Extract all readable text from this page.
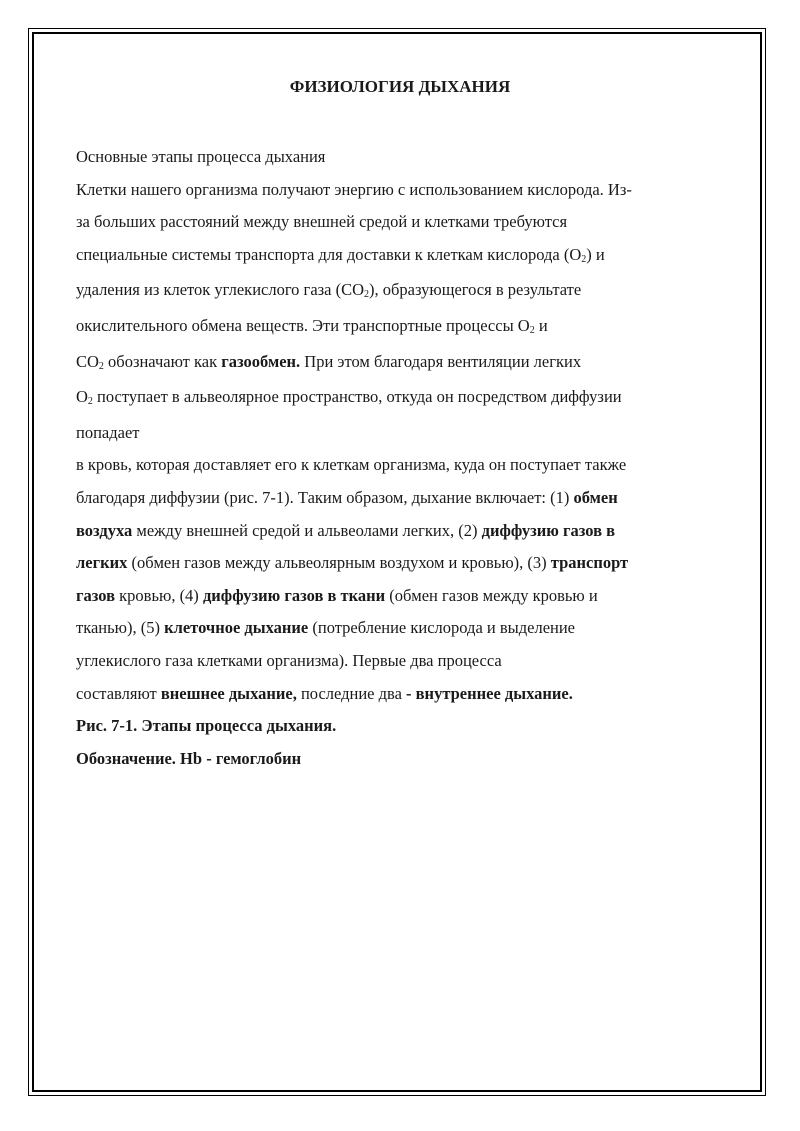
ФИЗИОЛОГИЯ ДЫХАНИЯ
Основные этапы процесса дыхания
Клетки нашего организма получают энергию с использованием кислорода. Из-
за больших расстояний между внешней средой и клетками требуются
специальные системы транспорта для доставки к клеткам кислорода $(O_2)$ и
удаления из клеток углекислого газа $(CO_2)$, образующегося в результате
окислительного обмена веществ. Эти транспортные процессы $O_2$ и
$CO_2$ обозначают как газообмен. При этом благодаря вентиляции легких
$O_2$ поступает в альвеолярное пространство, откуда он посредством диффузии
попадает
в кровь, которая доставляет его к клеткам организма, куда он поступает также
благодаря диффузии (рис. 7-1). Таким образом, дыхание включает: (1) обмен
воздуха между внешней средой и альвеолами легких, (2) диффузию газов в
легких (обмен газов между альвеолярным воздухом и кровью), (3) транспорт
газов кровью, (4) диффузию газов в ткани (обмен газов между кровью и
тканью), (5) клеточное дыхание (потребление кислорода и выделение
углекислого газа клетками организма). Первые два процесса
составляют внешнее дыхание, последние два - внутреннее дыхание.
Рис. 7-1. Этапы процесса дыхания.
Обозначение. Hb - гемоглобин
